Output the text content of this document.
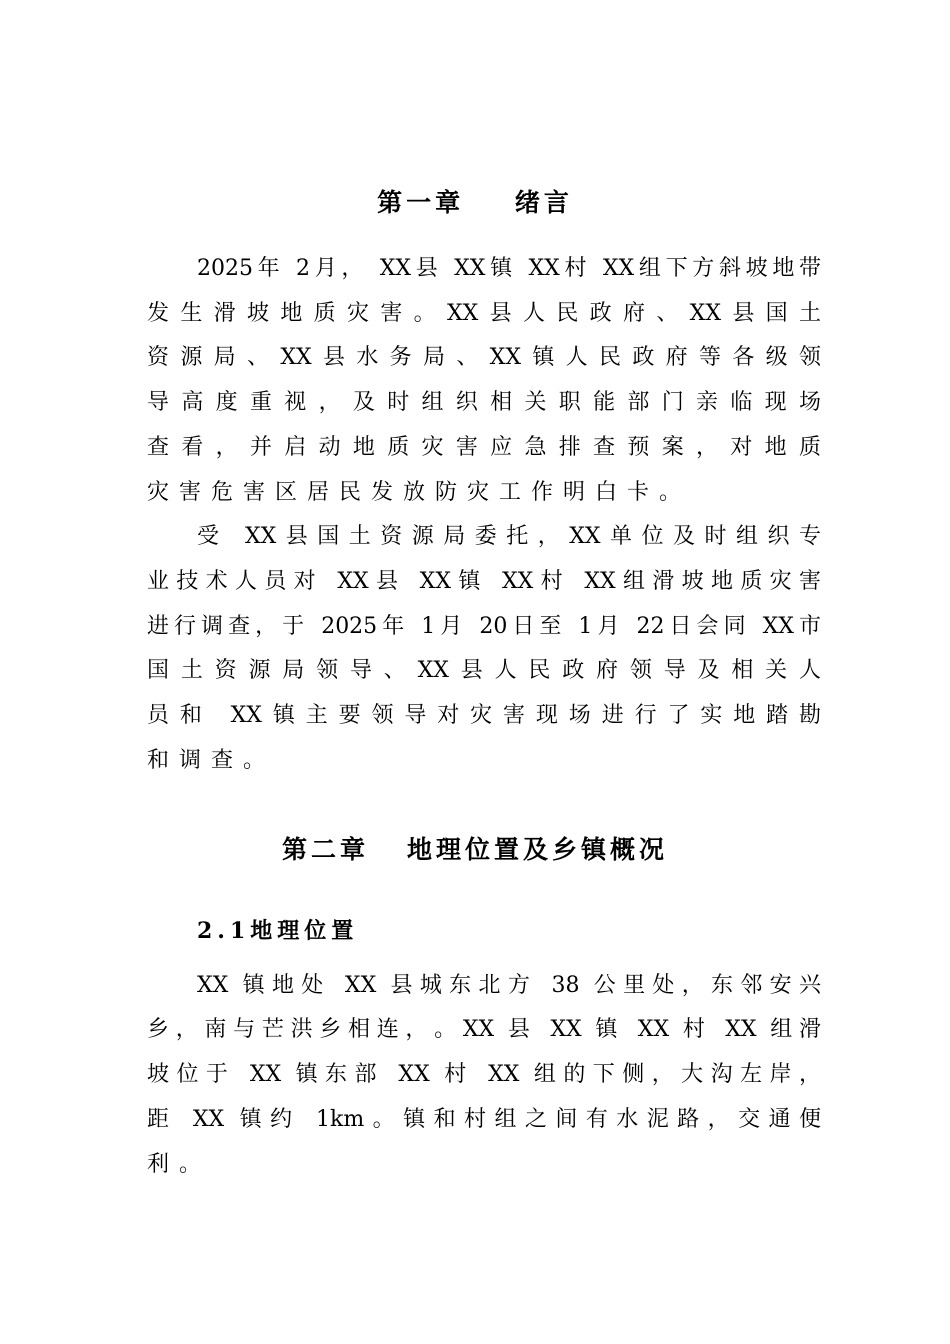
第一章    绪言
2​0​2​5​年​ ​2​月​，​ ​X​X​县​ ​X​X​镇​ ​X​X​村​ ​X​X​组​下​方​斜​坡​地​带
发​生​滑​坡​地​质​灾​害​。​X​X​县​人​民​政​府​、​X​X​县​国​土
资​源​局​、​X​X​县​水​务​局​、​X​X​镇​人​民​政​府​等​各​级​领
导​高​度​重​视​，​及​时​组​织​相​关​职​能​部​门​亲​临​现​场
查​看​，​并​启​动​地​质​灾​害​应​急​排​查​预​案​，​对​地​质
灾害危害区居民发放防灾工作明白卡。
受​ ​X​X​县​国​土​资​源​局​委​托​，​X​X​单​位​及​时​组​织​专
业​技​术​人​员​对​ ​X​X​县​ ​X​X​镇​ ​X​X​村​ ​X​X​组​滑​坡​地​质​灾​害
进​行​调​查​，​于​ ​2​0​2​5​年​ ​1​月​ ​2​0​日​至​ ​1​月​ ​2​2​日​会​同​ ​X​X​市
国​土​资​源​局​领​导​、​X​X​县​人​民​政​府​领​导​及​相​关​人
员​和​ ​X​X​镇​主​要​领​导​对​灾​害​现​场​进​行​了​实​地​踏​勘
和调查。
第二章   地理位置及乡镇概况
2.1地理位置
X​X​ ​镇​地​处​ ​X​X​ ​县​城​东​北​方​ ​3​8​ ​公​里​处​，​东​邻​安​兴
乡​，​南​与​芒​洪​乡​相​连​，​。​X​X​ ​县​ ​X​X​ ​镇​ ​X​X​ ​村​ ​X​X​ ​组​滑
坡​位​于​ ​X​X​ ​镇​东​部​ ​X​X​ ​村​ ​X​X​ ​组​的​下​侧​，​大​沟​左​岸​，
距​ ​X​X​ ​镇​约​ ​1​k​m​。​镇​和​村​组​之​间​有​水​泥​路​，​交​通​便
利。
